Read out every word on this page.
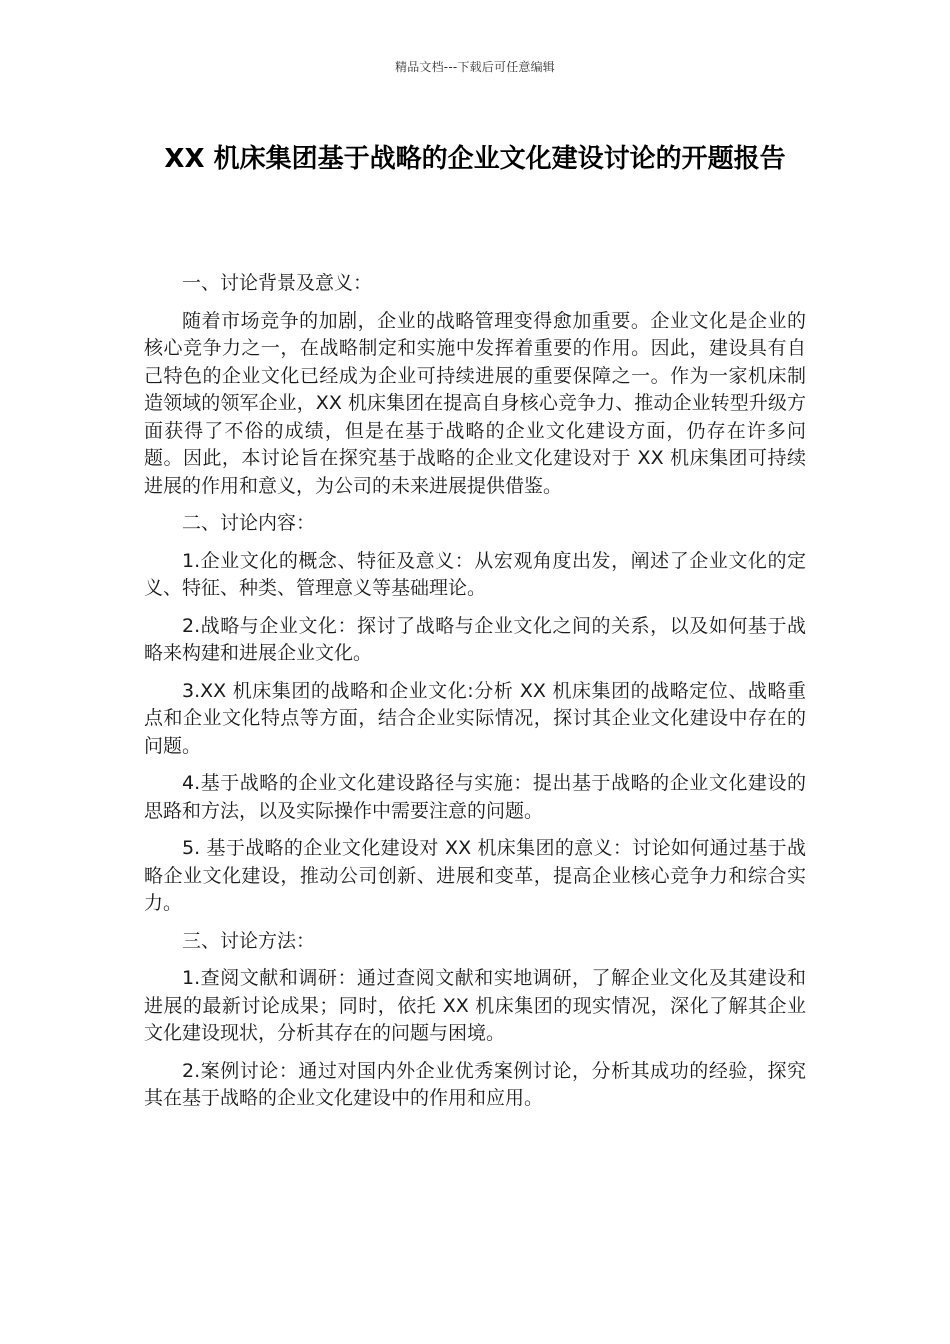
精品文档---下载后可任意编辑
XX 机床集团基于战略的企业文化建设讨论的开题报告

一、讨论背景及意义：

随着市场竞争的加剧，企业的战略管理变得愈加重要。企业文化是企业的核心竞争力之一，在战略制定和实施中发挥着重要的作用。因此，建设具有自己特色的企业文化已经成为企业可持续进展的重要保障之一。作为一家机床制造领域的领军企业，XX 机床集团在提高自身核心竞争力、推动企业转型升级方面获得了不俗的成绩，但是在基于战略的企业文化建设方面，仍存在许多问题。因此，本讨论旨在探究基于战略的企业文化建设对于 XX 机床集团可持续进展的作用和意义，为公司的未来进展提供借鉴。

二、讨论内容：

1.企业文化的概念、特征及意义：从宏观角度出发，阐述了企业文化的定义、特征、种类、管理意义等基础理论。

2.战略与企业文化：探讨了战略与企业文化之间的关系，以及如何基于战略来构建和进展企业文化。

3.XX 机床集团的战略和企业文化:分析 XX 机床集团的战略定位、战略重点和企业文化特点等方面，结合企业实际情况，探讨其企业文化建设中存在的问题。

4.基于战略的企业文化建设路径与实施：提出基于战略的企业文化建设的思路和方法，以及实际操作中需要注意的问题。

5. 基于战略的企业文化建设对 XX 机床集团的意义：讨论如何通过基于战略企业文化建设，推动公司创新、进展和变革，提高企业核心竞争力和综合实力。

三、讨论方法：

1.查阅文献和调研：通过查阅文献和实地调研，了解企业文化及其建设和进展的最新讨论成果；同时，依托 XX 机床集团的现实情况，深化了解其企业文化建设现状，分析其存在的问题与困境。

2.案例讨论：通过对国内外企业优秀案例讨论，分析其成功的经验，探究其在基于战略的企业文化建设中的作用和应用。
